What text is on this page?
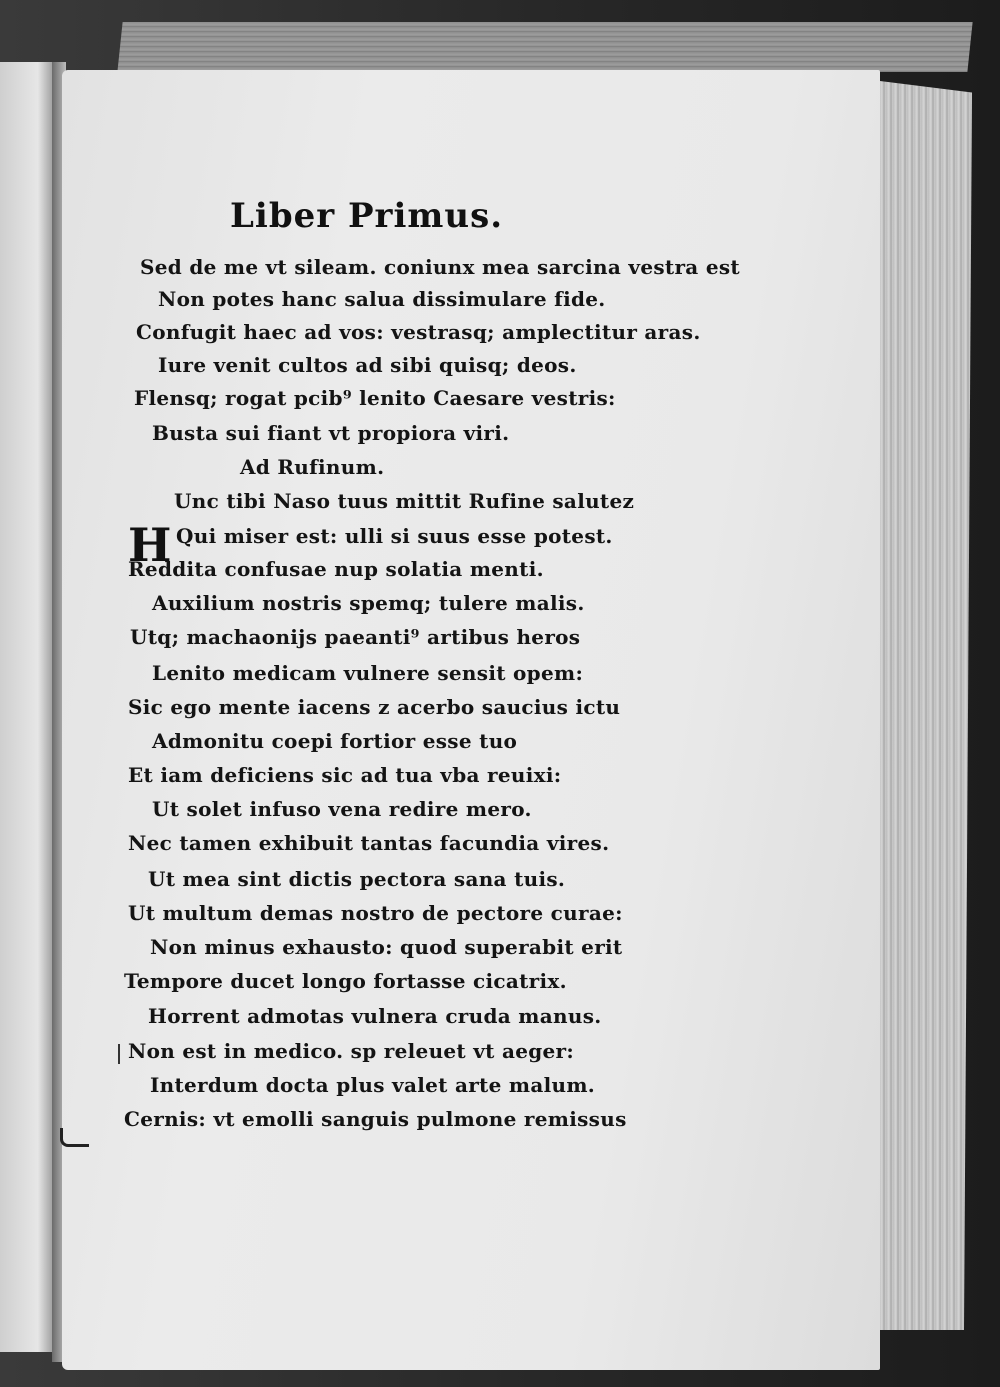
Liber Primus.
H
Sed de me vt sileam. coniunx mea sarcina vestra est
Non potes hanc salua dissimulare fide.
Confugit haec ad vos: vestrasq; amplectitur aras.
Iure venit cultos ad sibi quisq; deos.
Flensq; rogat pcib⁹ lenito Caesare vestris:
Busta sui fiant vt propiora viri.
Ad Rufinum.
Unc tibi Naso tuus mittit Rufine salutez
Qui miser est: ulli si suus esse potest.
Reddita confusae nup solatia menti.
Auxilium nostris spemq; tulere malis.
Utq; machaonijs paeanti⁹ artibus heros
Lenito medicam vulnere sensit opem:
Sic ego mente iacens z acerbo saucius ictu
Admonitu coepi fortior esse tuo
Et iam deficiens sic ad tua vba reuixi:
Ut solet infuso vena redire mero.
Nec tamen exhibuit tantas facundia vires.
Ut mea sint dictis pectora sana tuis.
Ut multum demas nostro de pectore curae:
Non minus exhausto: quod superabit erit
Tempore ducet longo fortasse cicatrix.
Horrent admotas vulnera cruda manus.
Non est in medico. sp releuet vt aeger:
Interdum docta plus valet arte malum.
Cernis: vt emolli sanguis pulmone remissus
